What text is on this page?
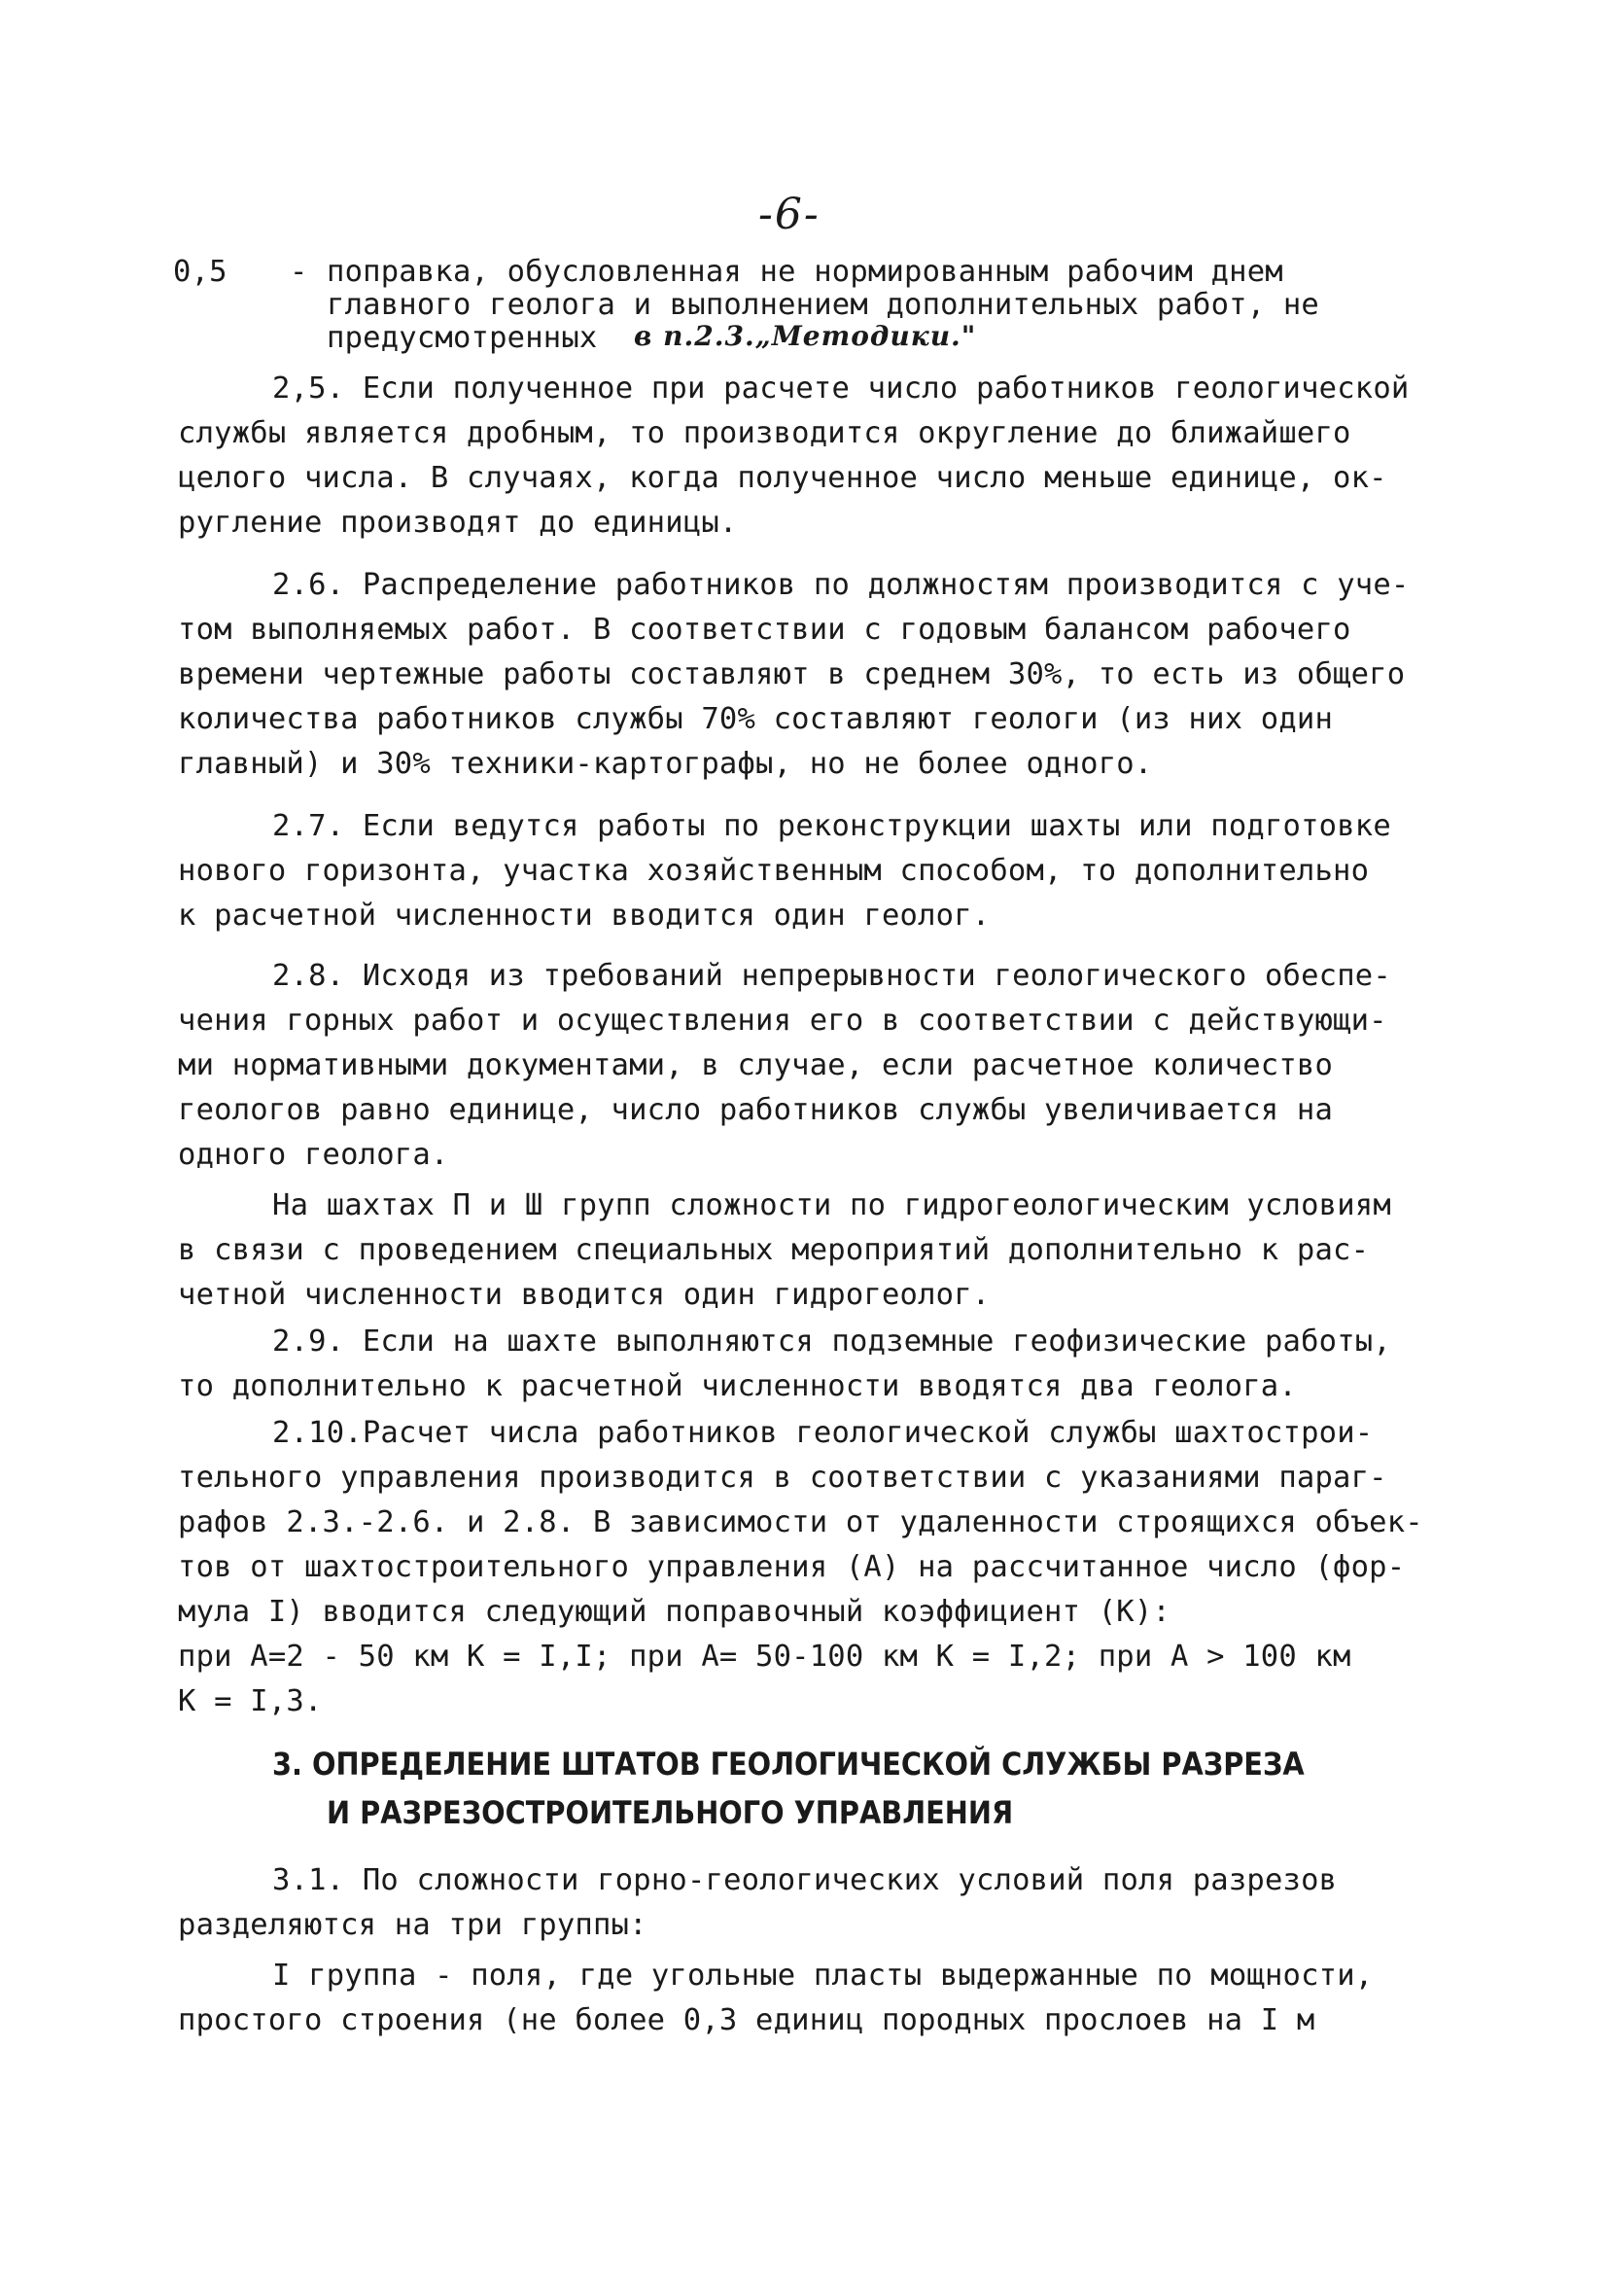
-6-
0,5 - поправка, обусловленная не нормированным рабочим днем
главного геолога и выполнением дополнительных работ, не
предусмотренных в п.2.3.„Методики."
2,5. Если полученное при расчете число работников геологической
службы является дробным, то производится округление до ближайшего
целого числа. В случаях, когда полученное число меньше единице, ок-
ругление производят до единицы.
2.6. Распределение работников по должностям производится с уче-
том выполняемых работ. В соответствии с годовым балансом рабочего
времени чертежные работы составляют в среднем 30%, то есть из общего
количества работников службы 70% составляют геологи (из них один
главный) и 30% техники-картографы, но не более одного.
2.7. Если ведутся работы по реконструкции шахты или подготовке
нового горизонта, участка хозяйственным способом, то дополнительно
к расчетной численности вводится один геолог.
2.8. Исходя из требований непрерывности геологического обеспе-
чения горных работ и осуществления его в соответствии с действующи-
ми нормативными документами, в случае, если расчетное количество
геологов равно единице, число работников службы увеличивается на
одного геолога.
На шахтах П и Ш групп сложности по гидрогеологическим условиям
в связи с проведением специальных мероприятий дополнительно к рас-
четной численности вводится один гидрогеолог.
2.9. Если на шахте выполняются подземные геофизические работы,
то дополнительно к расчетной численности вводятся два геолога.
2.10.Расчет числа работников геологической службы шахтострои-
тельного управления производится в соответствии с указаниями параг-
рафов 2.3.-2.6. и 2.8. В зависимости от удаленности строящихся объек-
тов от шахтостроительного управления (А) на рассчитанное число (фор-
мула I) вводится следующий поправочный коэффициент (К):
при А=2 - 50 км К = I,I; при А= 50-100 км К = I,2; при А > 100 км
К = I,3.
3. ОПРЕДЕЛЕНИЕ ШТАТОВ ГЕОЛОГИЧЕСКОЙ СЛУЖБЫ РАЗРЕЗА
И РАЗРЕЗОСТРОИТЕЛЬНОГО УПРАВЛЕНИЯ
3.1. По сложности горно-геологических условий поля разрезов
разделяются на три группы:
I группа - поля, где угольные пласты выдержанные по мощности,
простого строения (не более 0,3 единиц породных прослоев на I м
